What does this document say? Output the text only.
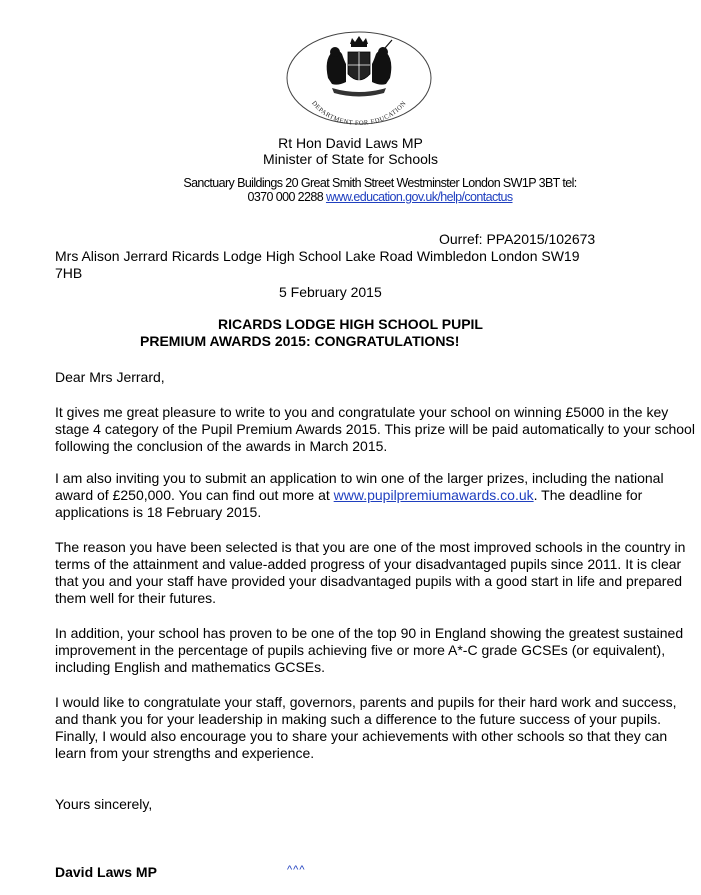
DEPARTMENT FOR EDUCATION
Rt Hon David Laws MP
Minister of State for Schools
Sanctuary Buildings 20 Great Smith Street Westminster London SW1P 3BT tel:
0370 000 2288 www.education.gov.uk/help/contactus
Ourref: PPA2015/102673
Mrs Alison Jerrard Ricards Lodge High School Lake Road Wimbledon London SW19
7HB
5 February 2015
RICARDS LODGE HIGH SCHOOL PUPIL
PREMIUM AWARDS 2015: CONGRATULATIONS!
Dear Mrs Jerrard,
It gives me great pleasure to write to you and congratulate your school on winning £5000 in the key stage 4 category of the Pupil Premium Awards 2015. This prize will be paid automatically to your school following the conclusion of the awards in March 2015.
I am also inviting you to submit an application to win one of the larger prizes, including the national award of £250,000. You can find out more at www.pupilpremiumawards.co.uk. The deadline for applications is 18 February 2015.
The reason you have been selected is that you are one of the most improved schools in the country in terms of the attainment and value-added progress of your disadvantaged pupils since 2011. It is clear that you and your staff have provided your disadvantaged pupils with a good start in life and prepared them well for their futures.
In addition, your school has proven to be one of the top 90 in England showing the greatest sustained improvement in the percentage of pupils achieving five or more A*-C grade GCSEs (or equivalent), including English and mathematics GCSEs.
I would like to congratulate your staff, governors, parents and pupils for their hard work and success, and thank you for your leadership in making such a difference to the future success of your pupils. Finally, I would also encourage you to share your achievements with other schools so that they can learn from your strengths and experience.
Yours sincerely,
David Laws MP	^^^
